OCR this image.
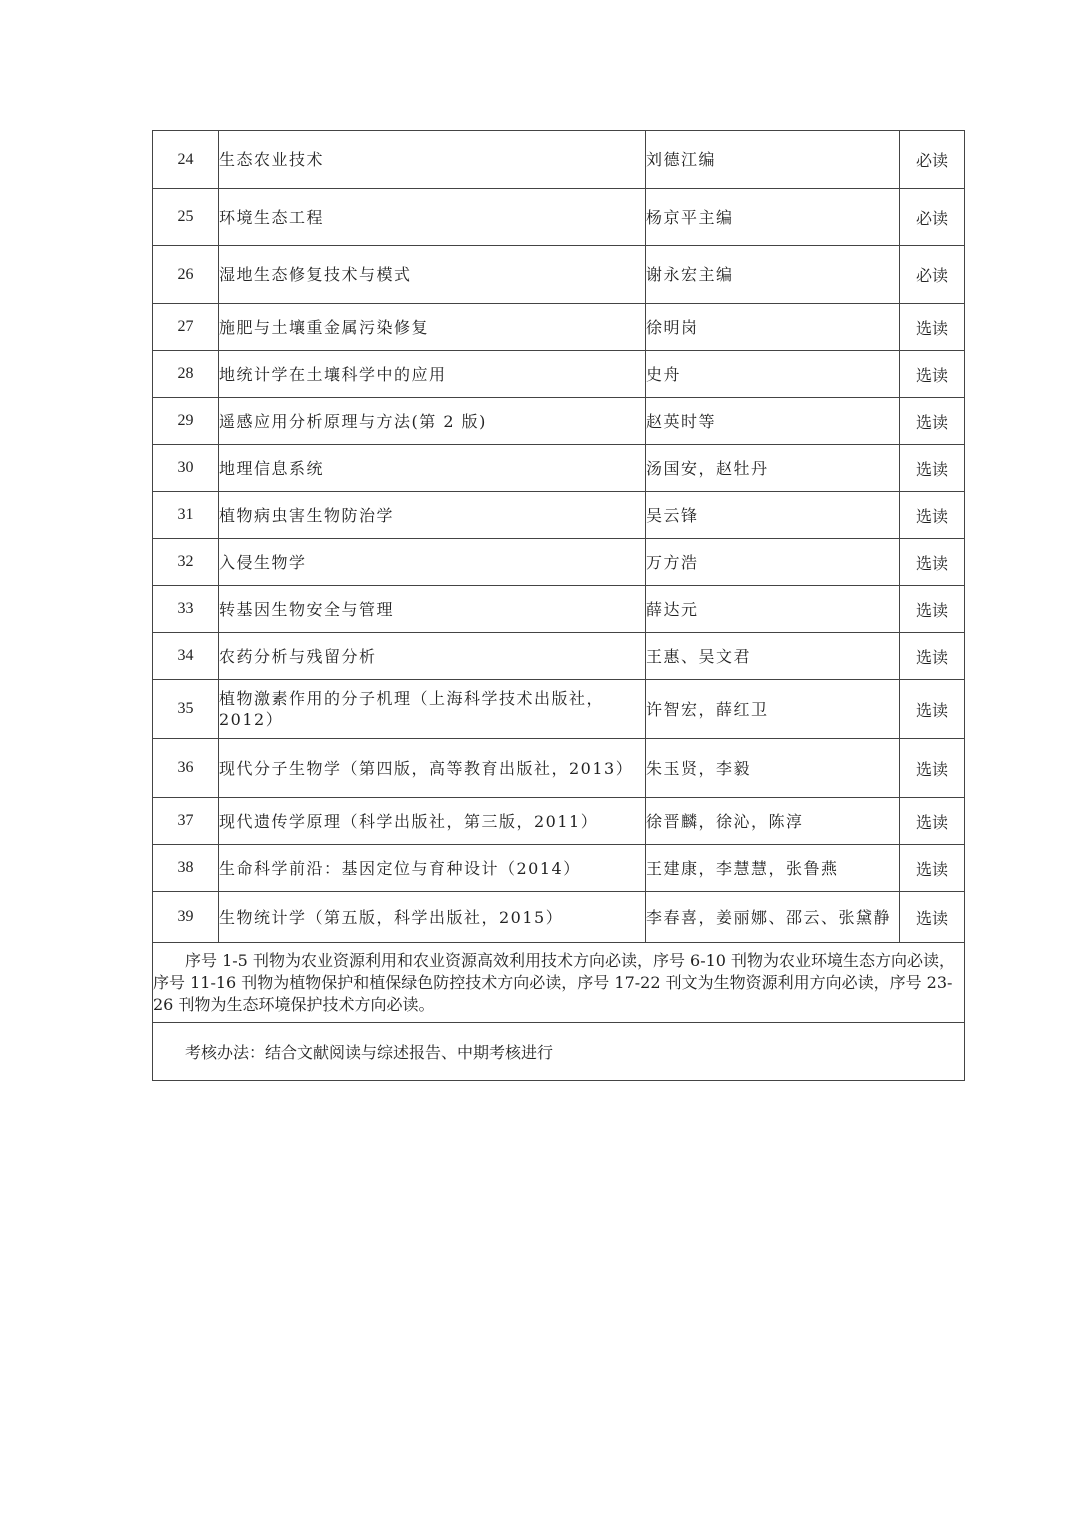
24	生态农业技术	刘德江编	必读
25	环境生态工程	杨京平主编	必读
26	湿地生态修复技术与模式	谢永宏主编	必读
27	施肥与土壤重金属污染修复	徐明岗	选读
28	地统计学在土壤科学中的应用	史舟	选读
29	遥感应用分析原理与方法(第 2 版)	赵英时等	选读
30	地理信息系统	汤国安，赵牡丹	选读
31	植物病虫害生物防治学	吴云锋	选读
32	入侵生物学	万方浩	选读
33	转基因生物安全与管理	薛达元	选读
34	农药分析与残留分析	王惠、吴文君	选读
35	植物激素作用的分子机理（上海科学技术出版社，2012）	许智宏，薛红卫	选读
36	现代分子生物学（第四版，高等教育出版社，2013）	朱玉贤，李毅	选读
37	现代遗传学原理（科学出版社，第三版，2011）	徐晋麟，徐沁，陈淳	选读
38	生命科学前沿：基因定位与育种设计（2014）	王建康，李慧慧，张鲁燕	选读
39	生物统计学（第五版，科学出版社，2015）	李春喜，姜丽娜、邵云、张黛静	选读
序号 1-5 刊物为农业资源利用和农业资源高效利用技术方向必读，序号 6-10 刊物为农业环境生态方向必读，序号 11-16 刊物为植物保护和植保绿色防控技术方向必读，序号 17-22 刊文为生物资源利用方向必读，序号 23-26 刊物为生态环境保护技术方向必读。			
考核办法：结合文献阅读与综述报告、中期考核进行			
